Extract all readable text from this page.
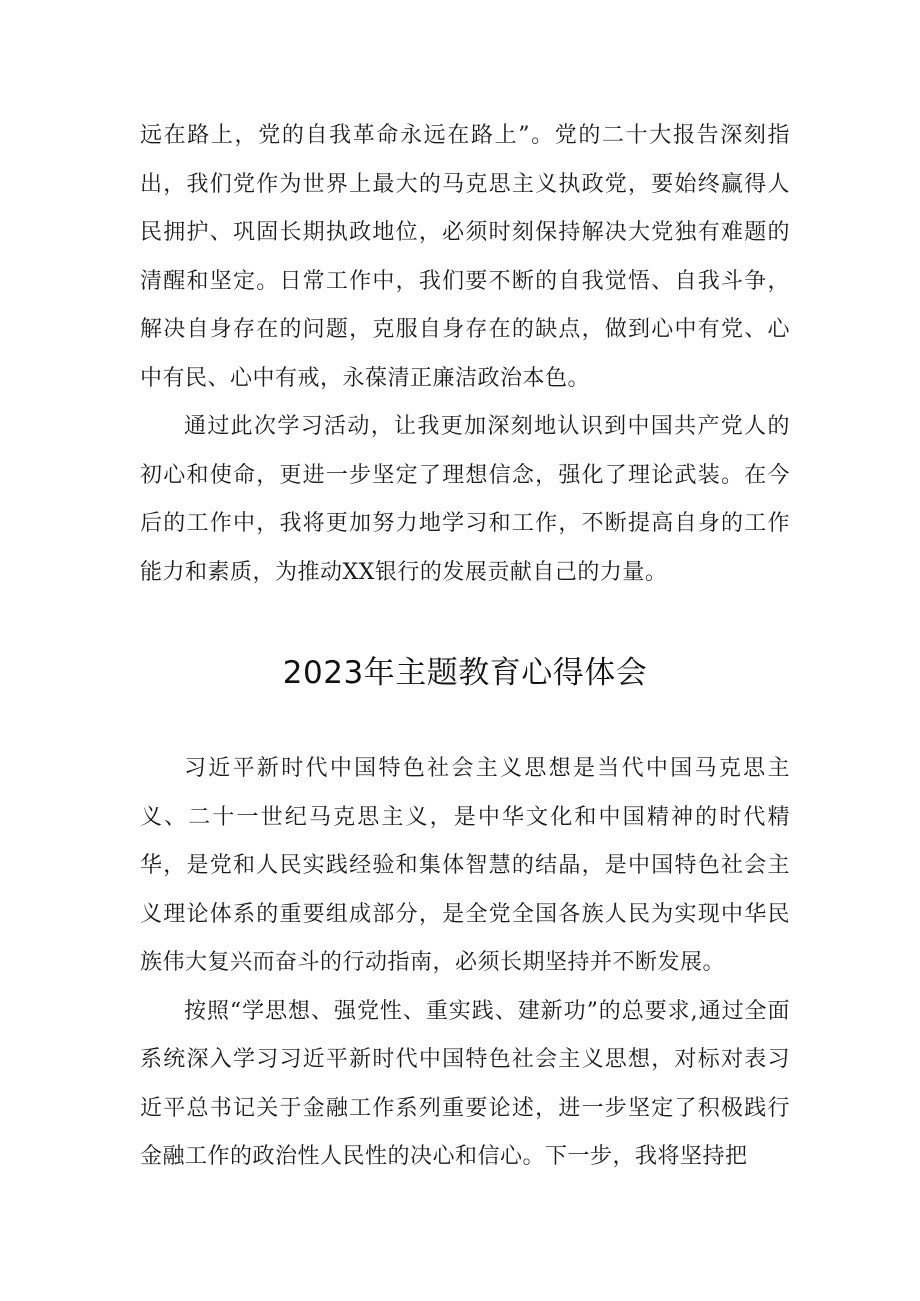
远在路上，党的自我革命永远在路上”。党的二十大报告深刻指出，我们党作为世界上最大的马克思主义执政党，要始终赢得人民拥护、巩固长期执政地位，必须时刻保持解决大党独有难题的清醒和坚定。日常工作中，我们要不断的自我觉悟、自我斗争，解决自身存在的问题，克服自身存在的缺点，做到心中有党、心中有民、心中有戒，永葆清正廉洁政治本色。

通过此次学习活动，让我更加深刻地认识到中国共产党人的初心和使命，更进一步坚定了理想信念，强化了理论武装。在今后的工作中，我将更加努力地学习和工作，不断提高自身的工作能力和素质，为推动XX银行的发展贡献自己的力量。

2023年主题教育心得体会

习近平新时代中国特色社会主义思想是当代中国马克思主义、二十一世纪马克思主义，是中华文化和中国精神的时代精华，是党和人民实践经验和集体智慧的结晶，是中国特色社会主义理论体系的重要组成部分，是全党全国各族人民为实现中华民族伟大复兴而奋斗的行动指南，必须长期坚持并不断发展。

按照“学思想、强党性、重实践、建新功”的总要求,通过全面系统深入学习习近平新时代中国特色社会主义思想，对标对表习近平总书记关于金融工作系列重要论述，进一步坚定了积极践行金融工作的政治性人民性的决心和信心。下一步，我将坚持把
